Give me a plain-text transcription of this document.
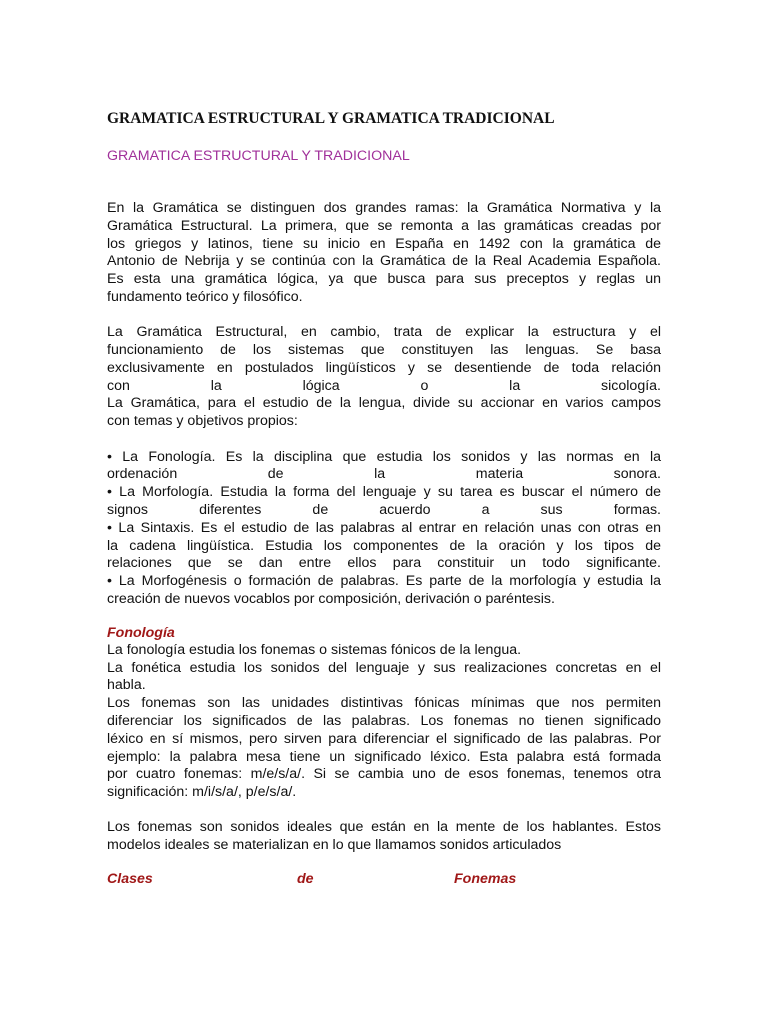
GRAMATICA ESTRUCTURAL Y GRAMATICA TRADICIONAL
GRAMATICA ESTRUCTURAL Y TRADICIONAL
En la Gramática se distinguen dos grandes ramas: la Gramática Normativa y la
Gramática Estructural. La primera, que se remonta a las gramáticas creadas por
los griegos y latinos, tiene su inicio en España en 1492 con la gramática de
Antonio de Nebrija y se continúa con la Gramática de la Real Academia Española.
Es esta una gramática lógica, ya que busca para sus preceptos y reglas un
fundamento teórico y filosófico.
La Gramática Estructural, en cambio, trata de explicar la estructura y el
funcionamiento de los sistemas que constituyen las lenguas. Se basa
exclusivamente en postulados lingüísticos y se desentiende de toda relación
con la lógica o la sicología.
La Gramática, para el estudio de la lengua, divide su accionar en varios campos
con temas y objetivos propios:
• La Fonología. Es la disciplina que estudia los sonidos y las normas en la
ordenación de la materia sonora.
• La Morfología. Estudia la forma del lenguaje y su tarea es buscar el número de
signos diferentes de acuerdo a sus formas.
• La Sintaxis. Es el estudio de las palabras al entrar en relación unas con otras en
la cadena lingüística. Estudia los componentes de la oración y los tipos de
relaciones que se dan entre ellos para constituir un todo significante.
• La Morfogénesis o formación de palabras. Es parte de la morfología y estudia la
creación de nuevos vocablos por composición, derivación o paréntesis.
Fonología
La fonología estudia los fonemas o sistemas fónicos de la lengua.
La fonética estudia los sonidos del lenguaje y sus realizaciones concretas en el
habla.
Los fonemas son las unidades distintivas fónicas mínimas que nos permiten
diferenciar los significados de las palabras. Los fonemas no tienen significado
léxico en sí mismos, pero sirven para diferenciar el significado de las palabras. Por
ejemplo: la palabra mesa tiene un significado léxico. Esta palabra está formada
por cuatro fonemas: m/e/s/a/. Si se cambia uno de esos fonemas, tenemos otra
significación: m/i/s/a/, p/e/s/a/.
Los fonemas son sonidos ideales que están en la mente de los hablantes. Estos
modelos ideales se materializan en lo que llamamos sonidos articulados
Clases	de	Fonemas
